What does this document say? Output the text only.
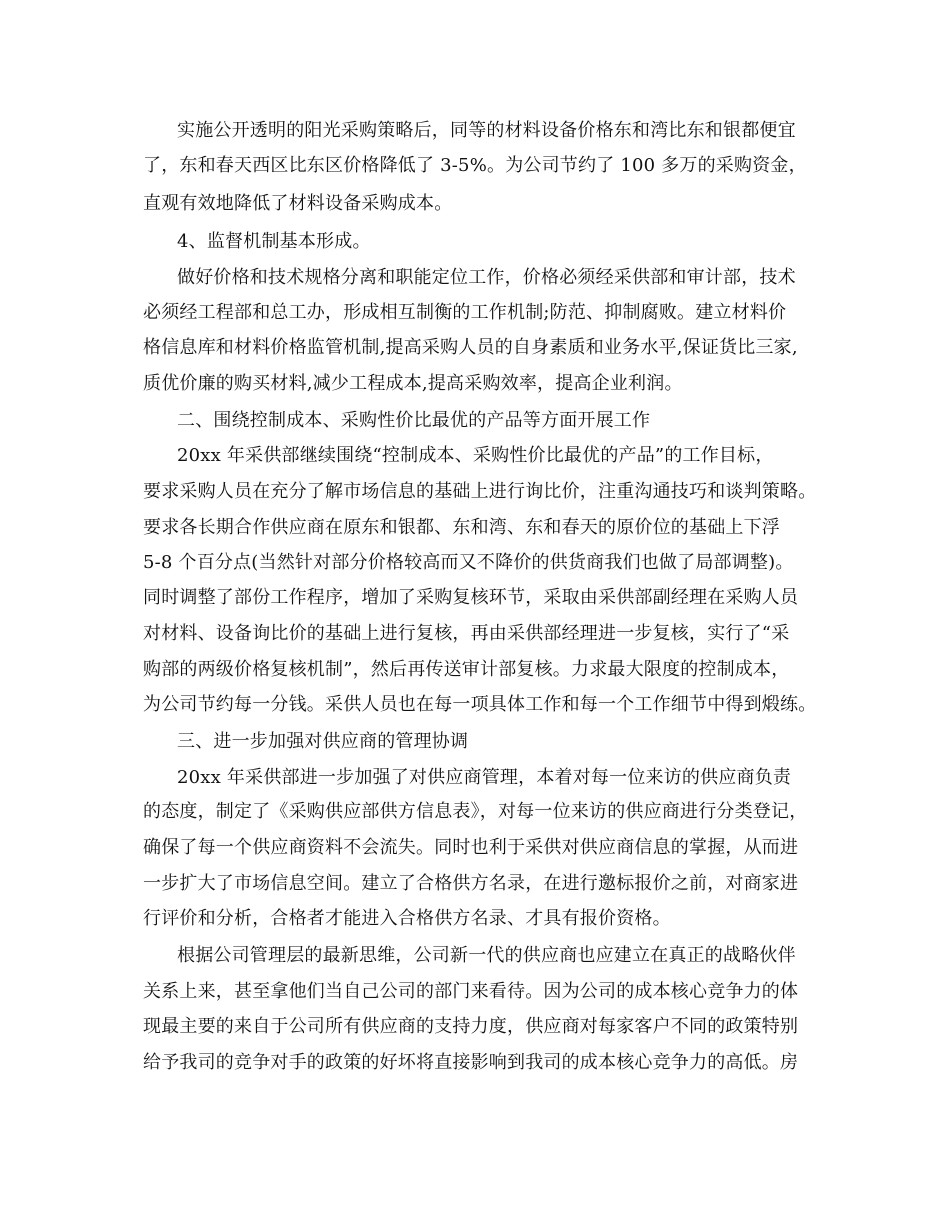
实施公开透明的阳光采购策略后，同等的材料设备价格东和湾比东和银都便宜
了，东和春天西区比东区价格降低了 3-5%。为公司节约了 100 多万的采购资金，
直观有效地降低了材料设备采购成本。
4、监督机制基本形成。
做好价格和技术规格分离和职能定位工作，价格必须经采供部和审计部，技术
必须经工程部和总工办，形成相互制衡的工作机制;防范、抑制腐败。建立材料价
格信息库和材料价格监管机制,提高采购人员的自身素质和业务水平,保证货比三家,
质优价廉的购买材料,减少工程成本,提高采购效率，提高企业利润。
二、围绕控制成本、采购性价比最优的产品等方面开展工作
20xx 年采供部继续围绕“控制成本、采购性价比最优的产品”的工作目标，
要求采购人员在充分了解市场信息的基础上进行询比价，注重沟通技巧和谈判策略。
要求各长期合作供应商在原东和银都、东和湾、东和春天的原价位的基础上下浮
5-8 个百分点(当然针对部分价格较高而又不降价的供货商我们也做了局部调整)。
同时调整了部份工作程序，增加了采购复核环节，采取由采供部副经理在采购人员
对材料、设备询比价的基础上进行复核，再由采供部经理进一步复核，实行了“采
购部的两级价格复核机制”，然后再传送审计部复核。力求最大限度的控制成本，
为公司节约每一分钱。采供人员也在每一项具体工作和每一个工作细节中得到煅练。
三、进一步加强对供应商的管理协调
20xx 年采供部进一步加强了对供应商管理，本着对每一位来访的供应商负责
的态度，制定了《采购供应部供方信息表》，对每一位来访的供应商进行分类登记，
确保了每一个供应商资料不会流失。同时也利于采供对供应商信息的掌握，从而进
一步扩大了市场信息空间。建立了合格供方名录，在进行邀标报价之前，对商家进
行评价和分析，合格者才能进入合格供方名录、才具有报价资格。
根据公司管理层的最新思维，公司新一代的供应商也应建立在真正的战略伙伴
关系上来，甚至拿他们当自己公司的部门来看待。因为公司的成本核心竞争力的体
现最主要的来自于公司所有供应商的支持力度，供应商对每家客户不同的政策特别
给予我司的竞争对手的政策的好坏将直接影响到我司的成本核心竞争力的高低。房
